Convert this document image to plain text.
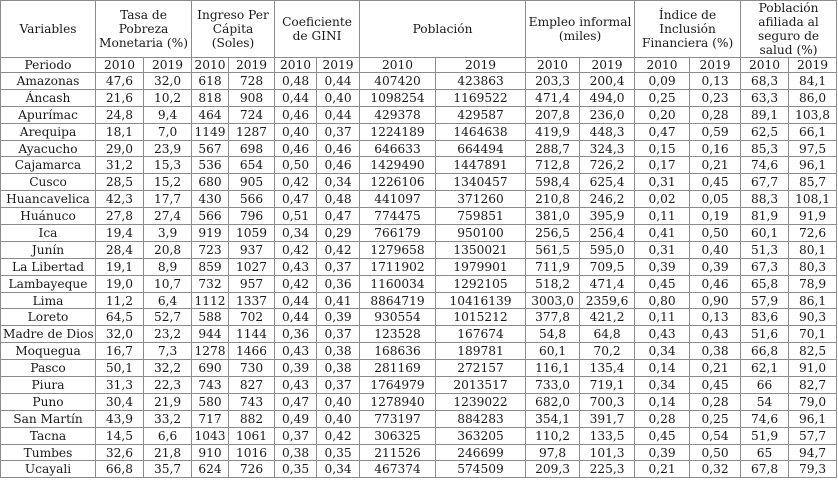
Variables	Tasa de Pobreza Monetaria (%)		Ingreso Per Cápita (Soles)		Coeficiente de GINI		Población		Empleo informal (miles)		Índice de Inclusión Financiera (%)		Población afiliada al seguro de salud (%)	
Periodo	2010	2019	2010	2019	2010	2019	2010	2019	2010	2019	2010	2019	2010	2019
Amazonas	47,6	32,0	618	728	0,48	0,44	407420	423863	203,3	200,4	0,09	0,13	68,3	84,1
Áncash	21,6	10,2	818	908	0,44	0,40	1098254	1169522	471,4	494,0	0,25	0,23	63,3	86,0
Apurímac	24,8	9,4	464	724	0,46	0,44	429378	429587	207,8	236,0	0,20	0,28	89,1	103,8
Arequipa	18,1	7,0	1149	1287	0,40	0,37	1224189	1464638	419,9	448,3	0,47	0,59	62,5	66,1
Ayacucho	29,0	23,9	567	698	0,46	0,46	646633	664494	288,7	324,3	0,15	0,16	85,3	97,5
Cajamarca	31,2	15,3	536	654	0,50	0,46	1429490	1447891	712,8	726,2	0,17	0,21	74,6	96,1
Cusco	28,5	15,2	680	905	0,42	0,34	1226106	1340457	598,4	625,4	0,31	0,45	67,7	85,7
Huancavelica	42,3	17,7	430	566	0,47	0,48	441097	371260	210,8	246,2	0,02	0,05	88,3	108,1
Huánuco	27,8	27,4	566	796	0,51	0,47	774475	759851	381,0	395,9	0,11	0,19	81,9	91,9
Ica	19,4	3,9	919	1059	0,34	0,29	766179	950100	256,5	256,4	0,41	0,50	60,1	72,6
Junín	28,4	20,8	723	937	0,42	0,42	1279658	1350021	561,5	595,0	0,31	0,40	51,3	80,1
La Libertad	19,1	8,9	859	1027	0,43	0,37	1711902	1979901	711,9	709,5	0,39	0,39	67,3	80,3
Lambayeque	19,0	10,7	732	957	0,42	0,36	1160034	1292105	518,2	471,4	0,45	0,46	65,8	78,9
Lima	11,2	6,4	1112	1337	0,44	0,41	8864719	10416139	3003,0	2359,6	0,80	0,90	57,9	86,1
Loreto	64,5	52,7	588	702	0,44	0,39	930554	1015212	377,8	421,2	0,11	0,13	83,6	90,3
Madre de Dios	32,0	23,2	944	1144	0,36	0,37	123528	167674	54,8	64,8	0,43	0,43	51,6	70,1
Moquegua	16,7	7,3	1278	1466	0,43	0,38	168636	189781	60,1	70,2	0,34	0,38	66,8	82,5
Pasco	50,1	32,2	690	730	0,39	0,38	281169	272157	116,1	135,4	0,14	0,21	62,1	91,0
Piura	31,3	22,3	743	827	0,43	0,37	1764979	2013517	733,0	719,1	0,34	0,45	66	82,7
Puno	30,4	21,9	580	743	0,47	0,40	1278940	1239022	682,0	700,3	0,14	0,28	54	79,0
San Martín	43,9	33,2	717	882	0,49	0,40	773197	884283	354,1	391,7	0,28	0,25	74,6	96,1
Tacna	14,5	6,6	1043	1061	0,37	0,42	306325	363205	110,2	133,5	0,45	0,54	51,9	57,7
Tumbes	32,6	21,8	910	1016	0,38	0,35	211526	246699	97,8	101,3	0,39	0,50	65	94,7
Ucayali	66,8	35,7	624	726	0,35	0,34	467374	574509	209,3	225,3	0,21	0,32	67,8	79,3
